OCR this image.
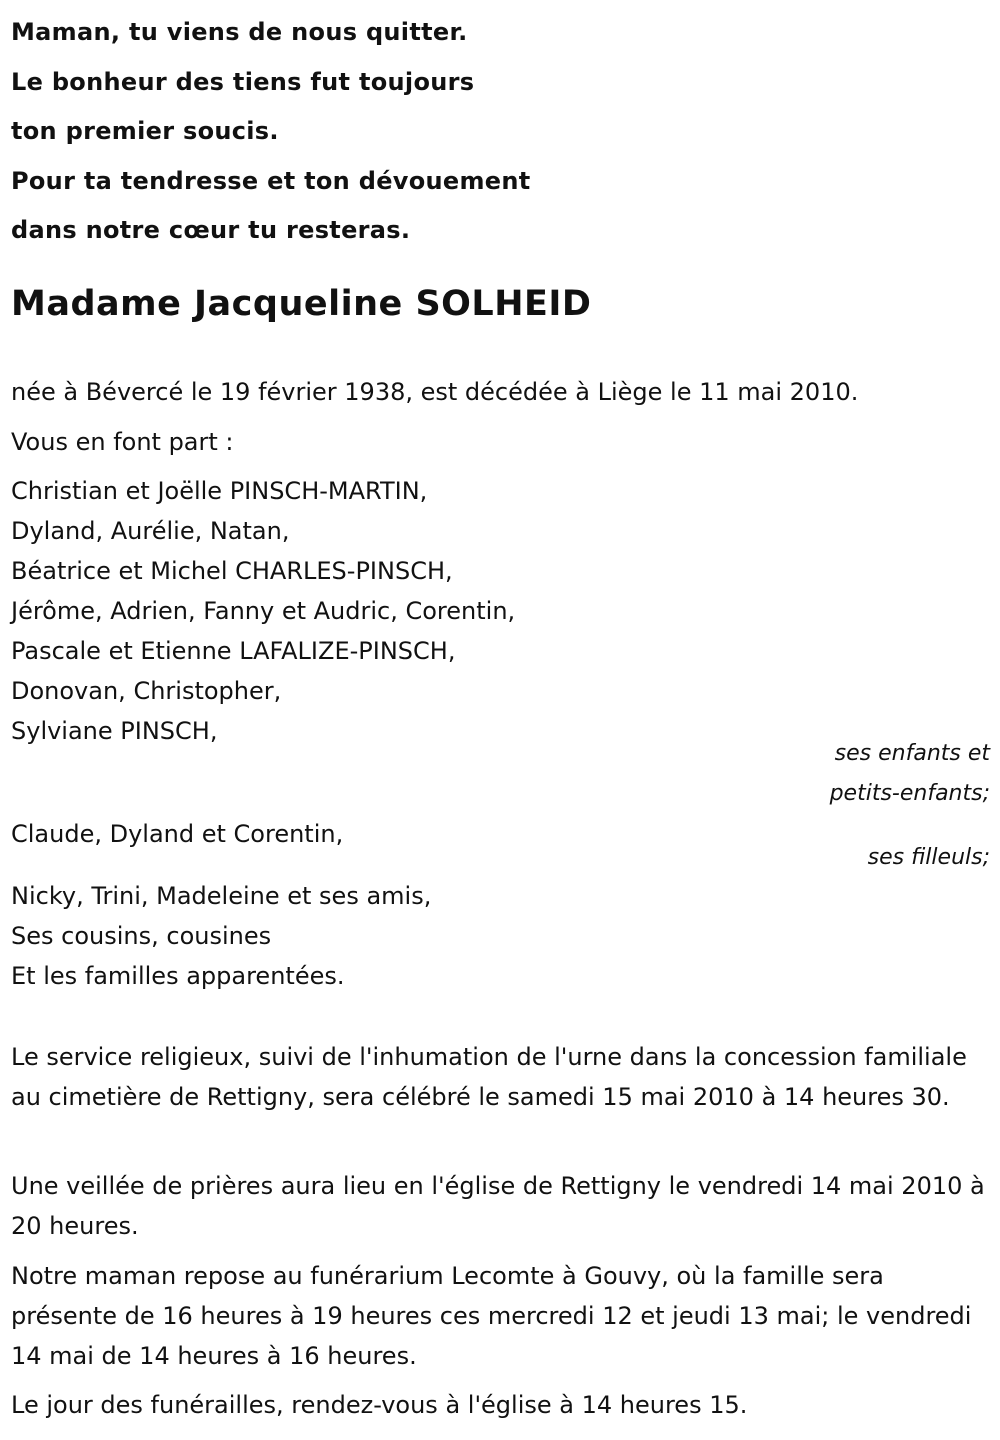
Maman, tu viens de nous quitter.
Le bonheur des tiens fut toujours
ton premier soucis.
Pour ta tendresse et ton dévouement
dans notre cœur tu resteras.
Madame Jacqueline SOLHEID
née à Bévercé le 19 février 1938, est décédée à Liège le 11 mai 2010.
Vous en font part :
Christian et Joëlle PINSCH-MARTIN,
Dyland, Aurélie, Natan,
Béatrice et Michel CHARLES-PINSCH,
Jérôme, Adrien, Fanny et Audric, Corentin,
Pascale et Etienne LAFALIZE-PINSCH,
Donovan, Christopher,
Sylviane PINSCH,
ses enfants et
petits-enfants;
Claude, Dyland et Corentin,
ses filleuls;
Nicky, Trini, Madeleine et ses amis,
Ses cousins, cousines
Et les familles apparentées.
Le service religieux, suivi de l'inhumation de l'urne dans la concession familiale au cimetière de Rettigny, sera célébré le samedi 15 mai 2010 à 14 heures 30.
Une veillée de prières aura lieu en l'église de Rettigny le vendredi 14 mai 2010 à 20 heures.
Notre maman repose au funérarium Lecomte à Gouvy, où la famille sera présente de 16 heures à 19 heures ces mercredi 12 et jeudi 13 mai; le vendredi 14 mai de 14 heures à 16 heures.
Le jour des funérailles, rendez-vous à l'église à 14 heures 15.
